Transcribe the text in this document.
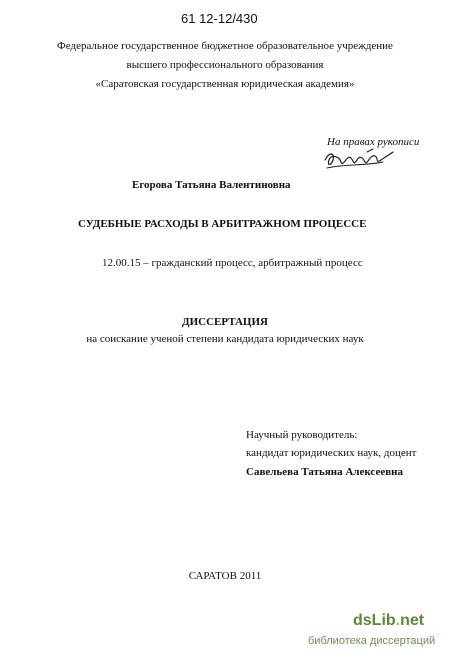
61 12-12/430
Федеральное государственное бюджетное образовательное учреждение
высшего профессионального образования
«Саратовская государственная юридическая академия»
На правах рукописи
Егорова Татьяна Валентиновна
СУДЕБНЫЕ РАСХОДЫ В АРБИТРАЖНОМ ПРОЦЕССЕ
12.00.15 – гражданский процесс, арбитражный процесс
ДИССЕРТАЦИЯ
на соискание ученой степени кандидата юридических наук
Научный руководитель:
кандидат юридических наук, доцент
Савельева Татьяна Алексеевна
САРАТОВ 2011
dsLib.net
библиотека диссертаций
